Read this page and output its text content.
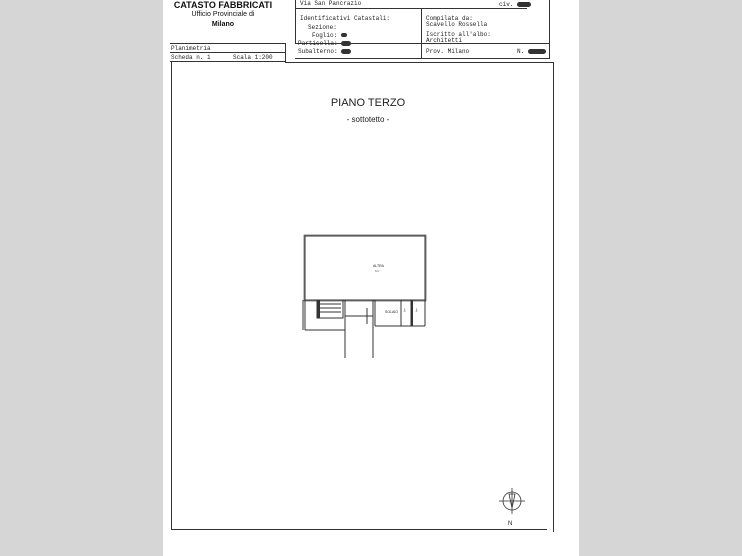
CATASTO FABBRICATI
Ufficio Provinciale di
Milano
Via San Pancrazio	civ.
Identificativi Catastali:
Sezione:
Foglio:
Particella:
Subalterno:
Compilata da:
Scavello Rossella
Iscritto all'albo:
Architetti
Prov. Milano	N.
Planimetria
Scheda n. 1	Scala 1:200
PIANO TERZO
- sottotetto -
ALTRA
h=/
SOLAIO h=	h=
N
